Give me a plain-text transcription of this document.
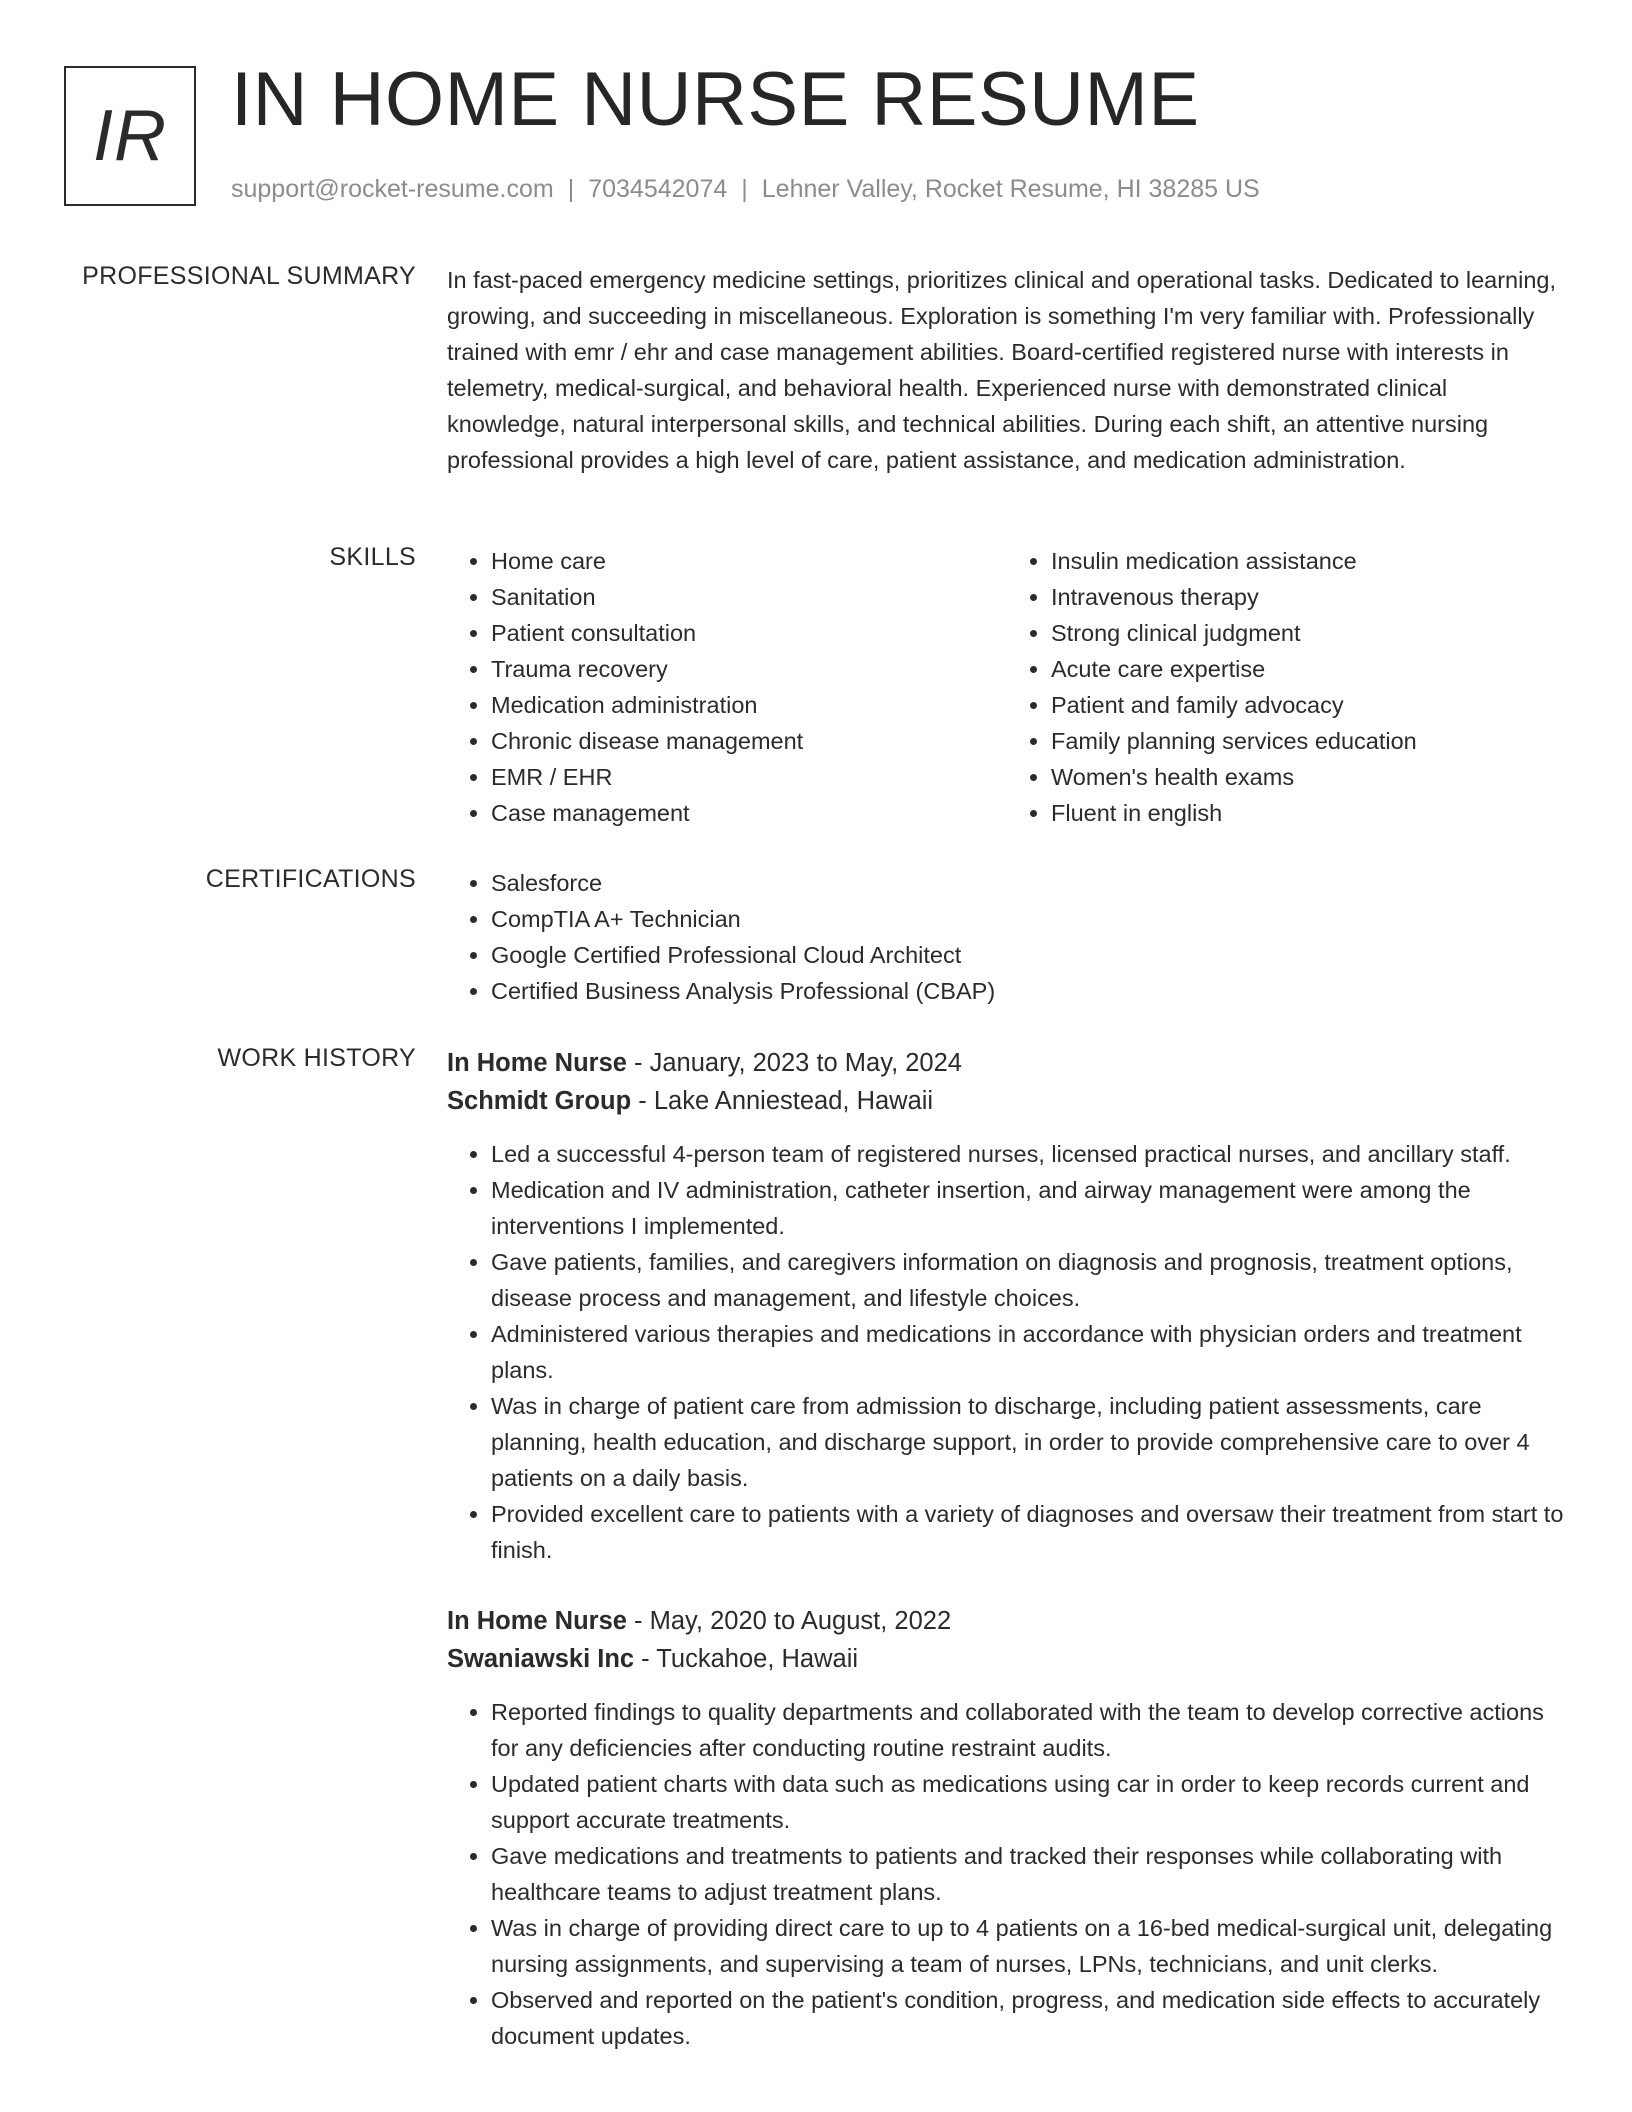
IR IN HOME NURSE RESUME
support@rocket-resume.com | 7034542074 | Lehner Valley, Rocket Resume, HI 38285 US
PROFESSIONAL SUMMARY In fast-paced emergency medicine settings, prioritizes clinical and operational tasks. Dedicated to learning, growing, and succeeding in miscellaneous. Exploration is something I'm very familiar with. Professionally trained with emr / ehr and case management abilities. Board-certified registered nurse with interests in telemetry, medical-surgical, and behavioral health. Experienced nurse with demonstrated clinical knowledge, natural interpersonal skills, and technical abilities. During each shift, an attentive nursing professional provides a high level of care, patient assistance, and medication administration.

SKILLS	• Home care
• Sanitation
• Patient consultation
• Trauma recovery
• Medication administration
• Chronic disease management
• EMR / EHR
• Case management
• Insulin medication assistance
• Intravenous therapy
• Strong clinical judgment
• Acute care expertise
• Patient and family advocacy
• Family planning services education
• Women's health exams
• Fluent in english
CERTIFICATIONS	• Salesforce
• CompTIA A+ Technician
• Google Certified Professional Cloud Architect
• Certified Business Analysis Professional (CBAP)
WORK HISTORY In Home Nurse - January, 2023 to May, 2024
Schmidt Group - Lake Anniestead, Hawaii
• Led a successful 4-person team of registered nurses, licensed practical nurses, and ancillary staff.
• Medication and IV administration, catheter insertion, and airway management were among the interventions I implemented.
• Gave patients, families, and caregivers information on diagnosis and prognosis, treatment options, disease process and management, and lifestyle choices.
• Administered various therapies and medications in accordance with physician orders and treatment plans.
• Was in charge of patient care from admission to discharge, including patient assessments, care planning, health education, and discharge support, in order to provide comprehensive care to over 4 patients on a daily basis.
• Provided excellent care to patients with a variety of diagnoses and oversaw their treatment from start to finish.
In Home Nurse - May, 2020 to August, 2022
Swaniawski Inc - Tuckahoe, Hawaii
• Reported findings to quality departments and collaborated with the team to develop corrective actions for any deficiencies after conducting routine restraint audits.
• Updated patient charts with data such as medications using car in order to keep records current and support accurate treatments.
• Gave medications and treatments to patients and tracked their responses while collaborating with healthcare teams to adjust treatment plans.
• Was in charge of providing direct care to up to 4 patients on a 16-bed medical-surgical unit, delegating nursing assignments, and supervising a team of nurses, LPNs, technicians, and unit clerks.
• Observed and reported on the patient's condition, progress, and medication side effects to accurately document updates.
